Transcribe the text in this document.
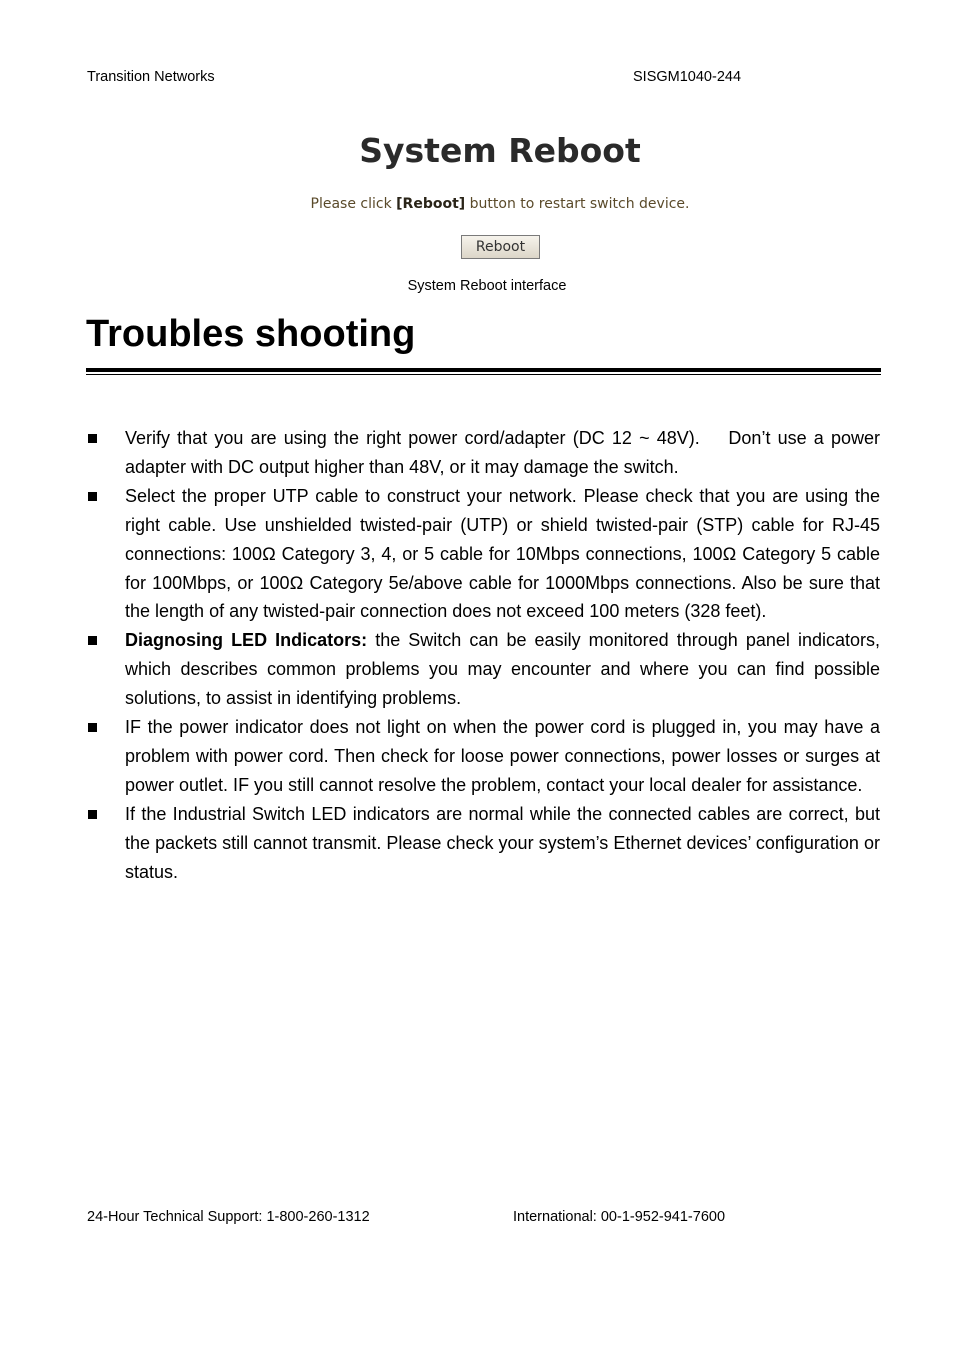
Transition Networks	SISGM1040-244
System Reboot
Please click [Reboot] button to restart switch device.
Reboot
System Reboot interface
Troubles shooting
Verify that you are using the right power cord/adapter (DC 12 ~ 48V).    Don’t use a power adapter with DC output higher than 48V, or it may damage the switch.
Select the proper UTP cable to construct your network. Please check that you are using the right cable. Use unshielded twisted-pair (UTP) or shield twisted-pair (STP) cable for RJ-45 connections: 100Ω Category 3, 4, or 5 cable for 10Mbps connections, 100Ω Category 5 cable for 100Mbps, or 100Ω Category 5e/above cable for 1000Mbps connections. Also be sure that the length of any twisted-pair connection does not exceed 100 meters (328 feet).
Diagnosing LED Indicators: the Switch can be easily monitored through panel indicators, which describes common problems you may encounter and where you can find possible solutions, to assist in identifying problems.
IF the power indicator does not light on when the power cord is plugged in, you may have a problem with power cord. Then check for loose power connections, power losses or surges at power outlet. IF you still cannot resolve the problem, contact your local dealer for assistance.
If the Industrial Switch LED indicators are normal while the connected cables are correct, but the packets still cannot transmit. Please check your system’s Ethernet devices’ configuration or status.
24-Hour Technical Support: 1-800-260-1312	International: 00-1-952-941-7600
